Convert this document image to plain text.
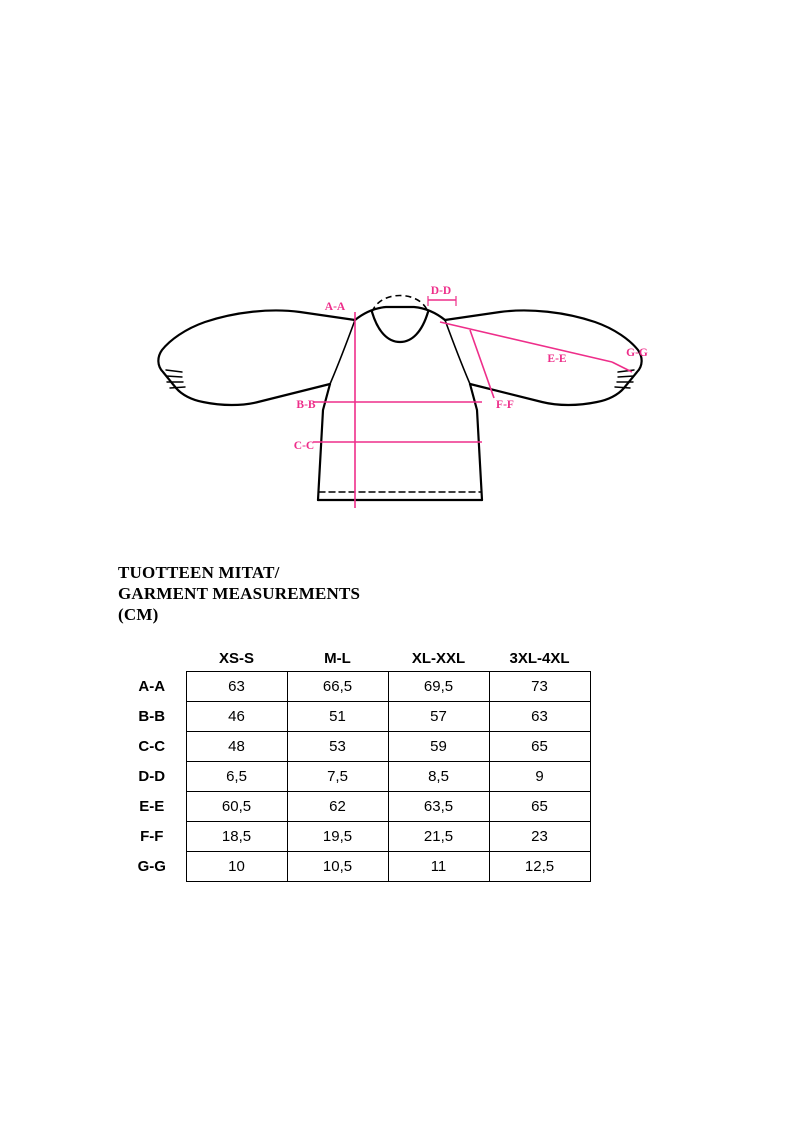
A-A
B-B
C-C
D-D
E-E
F-F
G-G
TUOTTEEN MITAT/
GARMENT MEASUREMENTS
(CM)
	XS-S	M-L	XL-XXL	3XL-4XL
A-A	63	66,5	69,5	73
B-B	46	51	57	63
C-C	48	53	59	65
D-D	6,5	7,5	8,5	9
E-E	60,5	62	63,5	65
F-F	18,5	19,5	21,5	23
G-G	10	10,5	11	12,5
